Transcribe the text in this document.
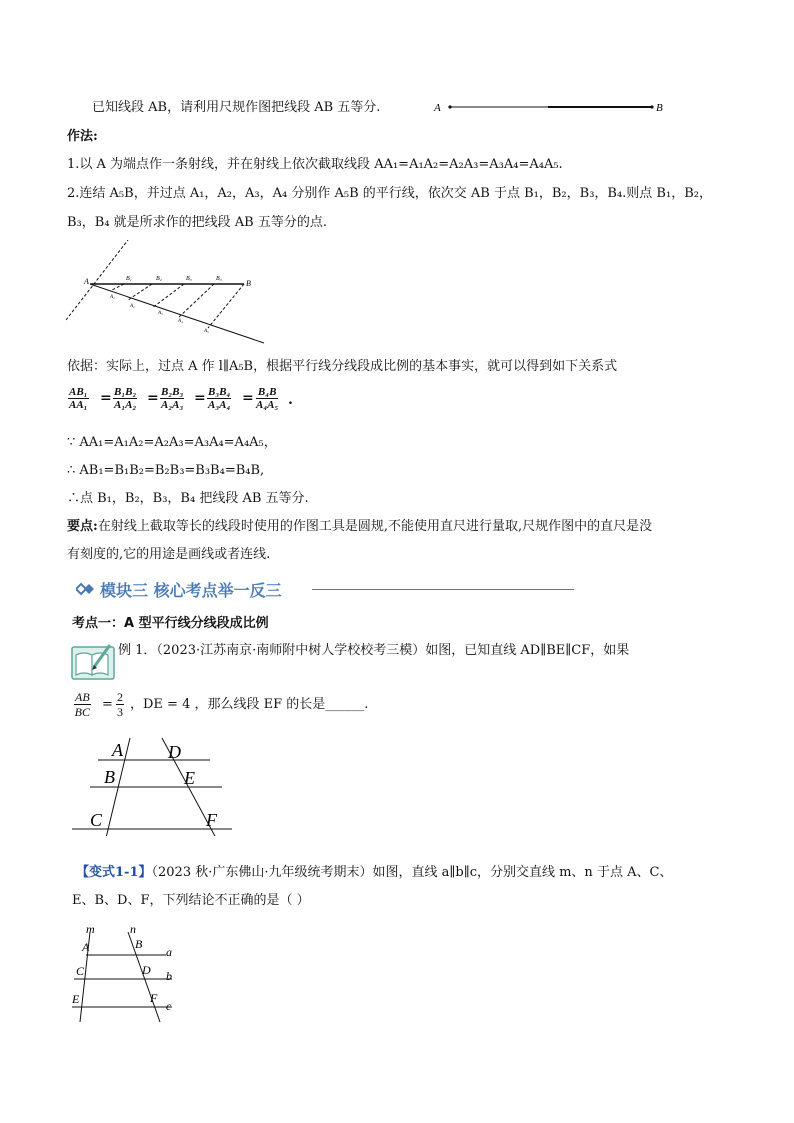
已知线段 AB，请利用尺规作图把线段 AB 五等分.	A	B
作法:
1.以 A 为端点作一条射线，并在射线上依次截取线段 AA₁=A₁A₂=A₂A₃=A₃A₄=A₄A₅.
2.连结 A₅B，并过点 A₁，A₂，A₃，A₄ 分别作 A₅B 的平行线，依次交 AB 于点 B₁，B₂，B₃，B₄.则点 B₁，B₂，
B₃，B₄ 就是所求作的把线段 AB 五等分的点.
A	B₁	B₂	B₃	B₃	B
A₁
A₂
A₃
A₄
A₅
依据：实际上，过点 A 作 l∥A₅B，根据平行线分线段成比例的基本事实，就可以得到如下关系式
$\frac{\text{AB₁}}{\text{AA₁}} = \frac{\text{B₁B₂}}{\text{A₁A₂}} = \frac{\text{B₂B₃}}{\text{A₂A₃}} = \frac{\text{B₃B₄}}{\text{A₃A₄}} = \frac{\text{B₄B}}{\text{A₄A₅}}$ .
∵ AA₁=A₁A₂=A₂A₃=A₃A₄=A₄A₅，
∴ AB₁=B₁B₂=B₂B₃=B₃B₄=B₄B,
∴点 B₁，B₂，B₃，B₄ 把线段 AB 五等分.
要点:在射线上截取等长的线段时使用的作图工具是圆规,不能使用直尺进行量取,尺规作图中的直尺是没
有刻度的,它的用途是画线或者连线.
模块三 核心考点举一反三
考点一：A 型平行线分线段成比例
例 1．（2023·江苏南京·南师附中树人学校校考三模）如图，已知直线 AD∥BE∥CF，如果
$\frac{AB}{BC} = \frac{2}{3}$ ，DE = 4 ，那么线段 EF 的长是______.
A	D
B	E
C	F
【变式1-1】（2023 秋·广东佛山·九年级统考期末）如图，直线 a∥b∥c，分别交直线 m、n 于点 A、C、
E、B、D、F，下列结论不正确的是（ ）
m	n
A	B
a
C	D b
E	F
c
